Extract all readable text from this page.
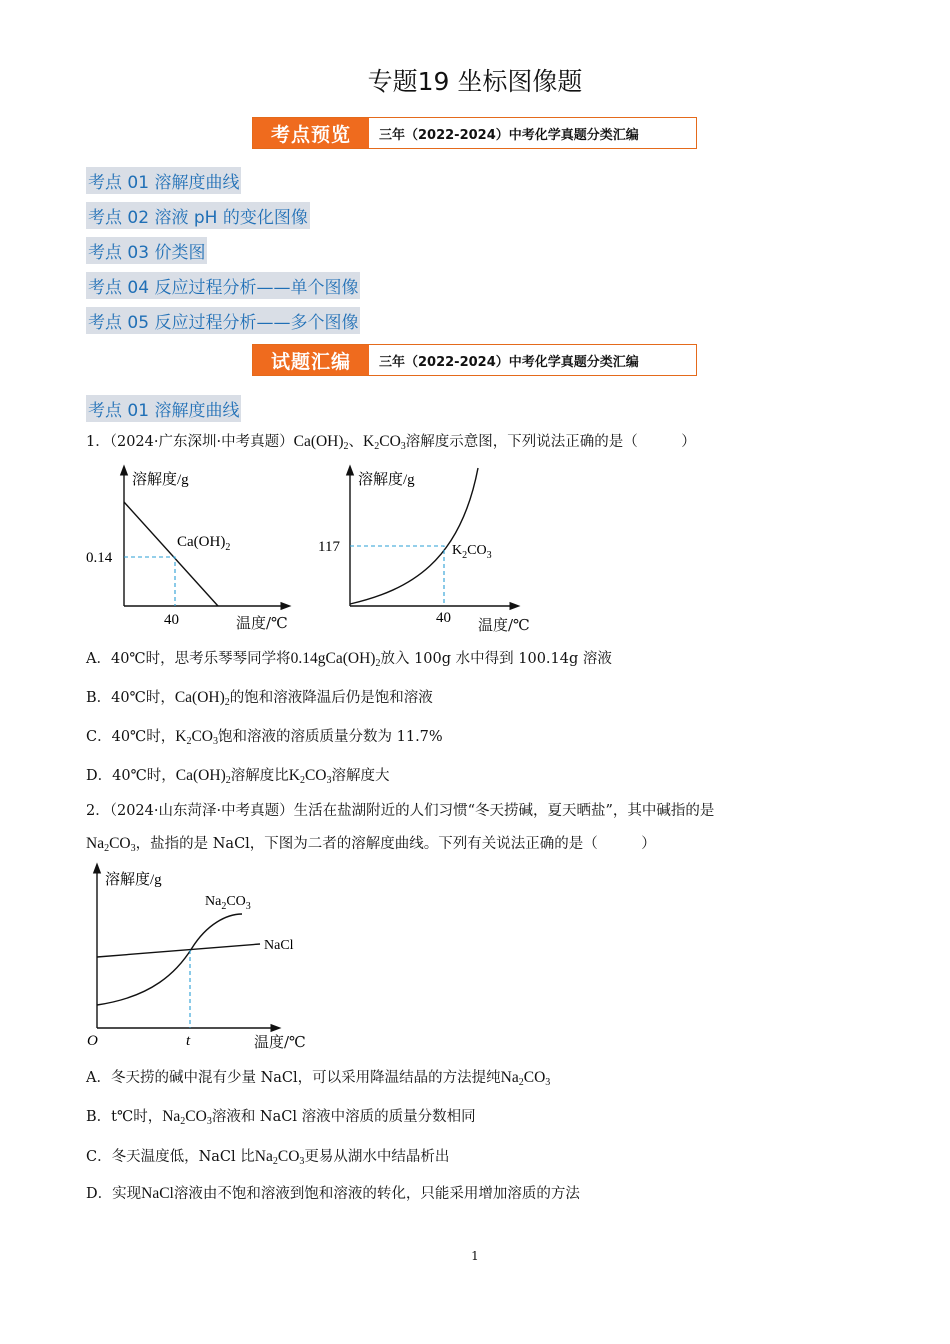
专题19 坐标图像题
考点预览	三年（2022-2024）中考化学真题分类汇编
考点 01 溶解度曲线
考点 02 溶液 pH 的变化图像
考点 03 价类图
考点 04 反应过程分析——单个图像
考点 05 反应过程分析——多个图像
试题汇编	三年（2022-2024）中考化学真题分类汇编
考点 01 溶解度曲线
1．（2024·广东深圳·中考真题）$Ca(OH)_2$、$K_2CO_3$溶解度示意图，下列说法正确的是（　　　）
溶解度/g
0.14
40
$Ca(OH)_2$
温度/℃
溶解度/g
117
40
$K_2CO_3$
温度/℃
A．40℃时，思考乐琴琴同学将$0.14gCa(OH)_2$放入 100g 水中得到 100.14g 溶液
B．40℃时，$Ca(OH)_2$的饱和溶液降温后仍是饱和溶液
C．40℃时，$K_2CO_3$饱和溶液的溶质质量分数为 11.7%
D．40℃时，$Ca(OH)_2$溶解度比$K_2CO_3$溶解度大
2．（2024·山东菏泽·中考真题）生活在盐湖附近的人们习惯“冬天捞碱，夏天晒盐”，其中碱指的是
$Na_2CO_3$，盐指的是 NaCl，下图为二者的溶解度曲线。下列有关说法正确的是（　　　）
溶解度/g
$Na_2CO_3$
NaCl
O	t	温度/℃
A．冬天捞的碱中混有少量 NaCl，可以采用降温结晶的方法提纯$Na_2CO_3$
B．t℃时，$Na_2CO_3$溶液和 NaCl 溶液中溶质的质量分数相同
C．冬天温度低，NaCl 比$Na_2CO_3$更易从湖水中结晶析出
D．实现NaCl溶液由不饱和溶液到饱和溶液的转化，只能采用增加溶质的方法
1
